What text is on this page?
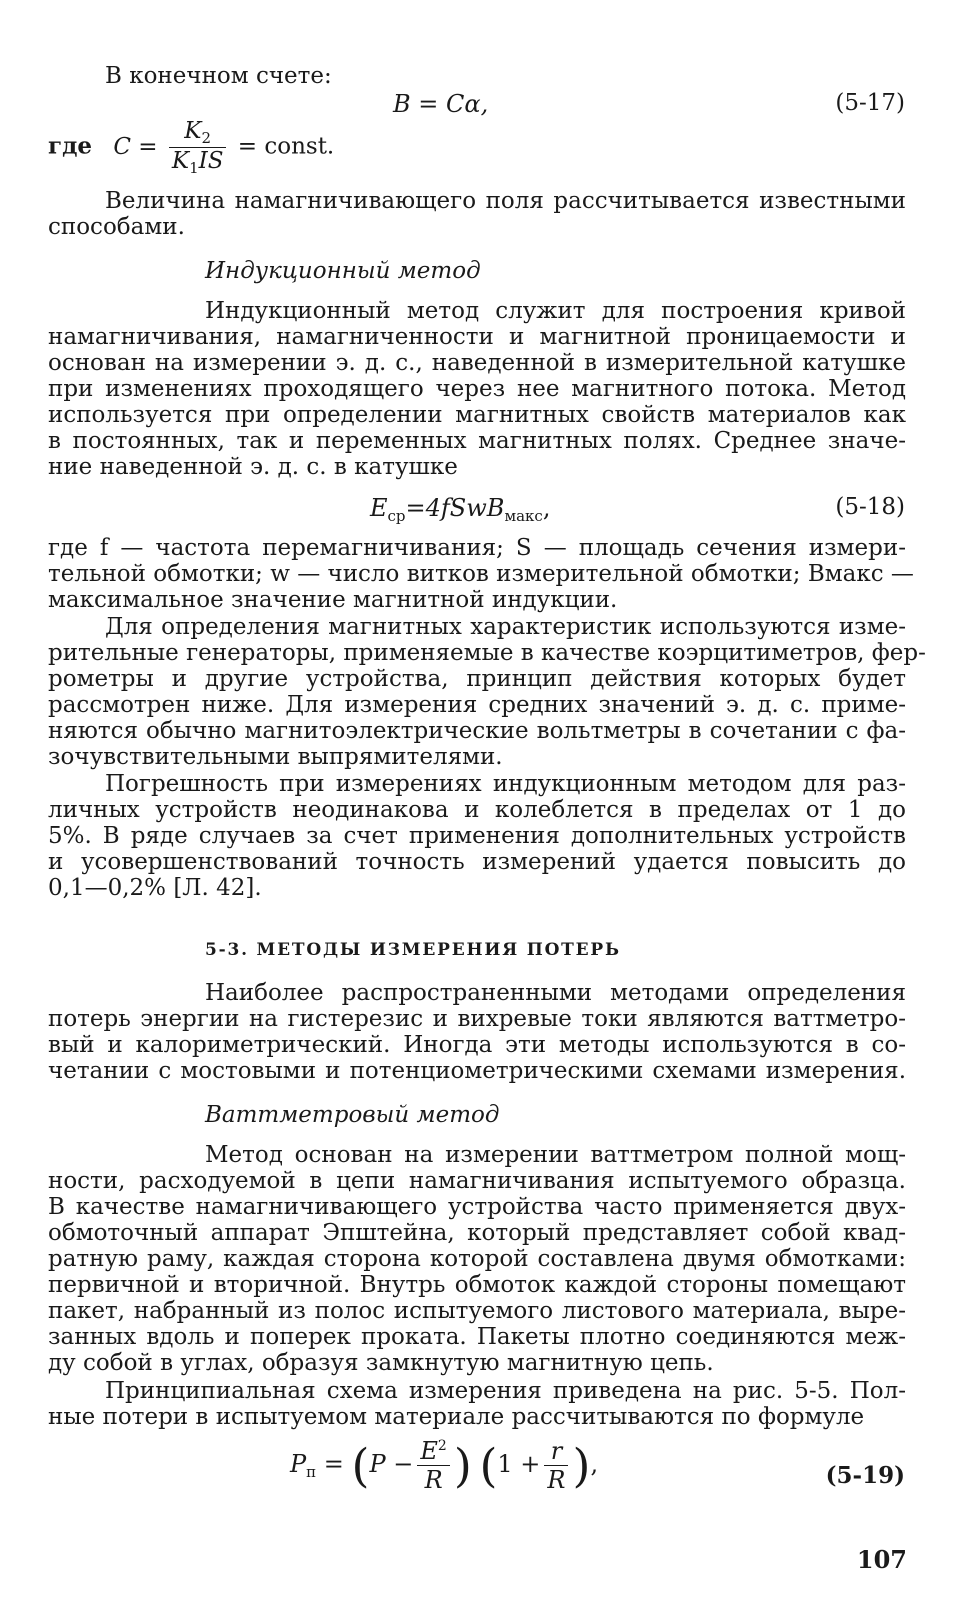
В конечном счете:
B = Cα,	(5-17)
где $C = \frac{K_2}{K_1IS}$ = const.
Величина намагничивающего поля рассчитывается известными
способами.
Индукционный метод
Индукционный метод служит для построения кривой
намагничивания, намагниченности и магнитной проницаемости и
основан на измерении э. д. с., наведенной в измерительной катушке
при изменениях проходящего через нее магнитного потока. Метод
используется при определении магнитных свойств материалов как
в постоянных, так и переменных магнитных полях. Среднее значе-
ние наведенной э. д. с. в катушке
$E_{ср}=4fSwB_{макс}$,	(5-18)
где f — частота перемагничивания; S — площадь сечения измери-
тельной обмотки; w — число витков измерительной обмотки; Bмакс —
максимальное значение магнитной индукции.
Для определения магнитных характеристик используются изме-
рительные генераторы, применяемые в качестве коэрцитиметров, фер-
рометры и другие устройства, принцип действия которых будет
рассмотрен ниже. Для измерения средних значений э. д. с. приме-
няются обычно магнитоэлектрические вольтметры в сочетании с фа-
зочувствительными выпрямителями.
Погрешность при измерениях индукционным методом для раз-
личных устройств неодинакова и колеблется в пределах от 1 до
5%. В ряде случаев за счет применения дополнительных устройств
и усовершенствований точность измерений удается повысить до
0,1—0,2% [Л. 42].
5-3. МЕТОДЫ ИЗМЕРЕНИЯ ПОТЕРЬ
Наиболее распространенными методами определения
потерь энергии на гистерезис и вихревые токи являются ваттметро-
вый и калориметрический. Иногда эти методы используются в со-
четании с мостовыми и потенциометрическими схемами измерения.
Ваттметровый метод
Метод основан на измерении ваттметром полной мощ-
ности, расходуемой в цепи намагничивания испытуемого образца.
В качестве намагничивающего устройства часто применяется двух-
обмоточный аппарат Эпштейна, который представляет собой квад-
ратную раму, каждая сторона которой составлена двумя обмотками:
первичной и вторичной. Внутрь обмоток каждой стороны помещают
пакет, набранный из полос испытуемого листового материала, выре-
занных вдоль и поперек проката. Пакеты плотно соединяются меж-
ду собой в углах, образуя замкнутую магнитную цепь.
Принципиальная схема измерения приведена на рис. 5-5. Пол-
ные потери в испытуемом материале рассчитываются по формуле
$P_п = (P - \frac{E^2}{R}$ ) ($1 + \frac{r}{R}$ ),	(5-19)
107
